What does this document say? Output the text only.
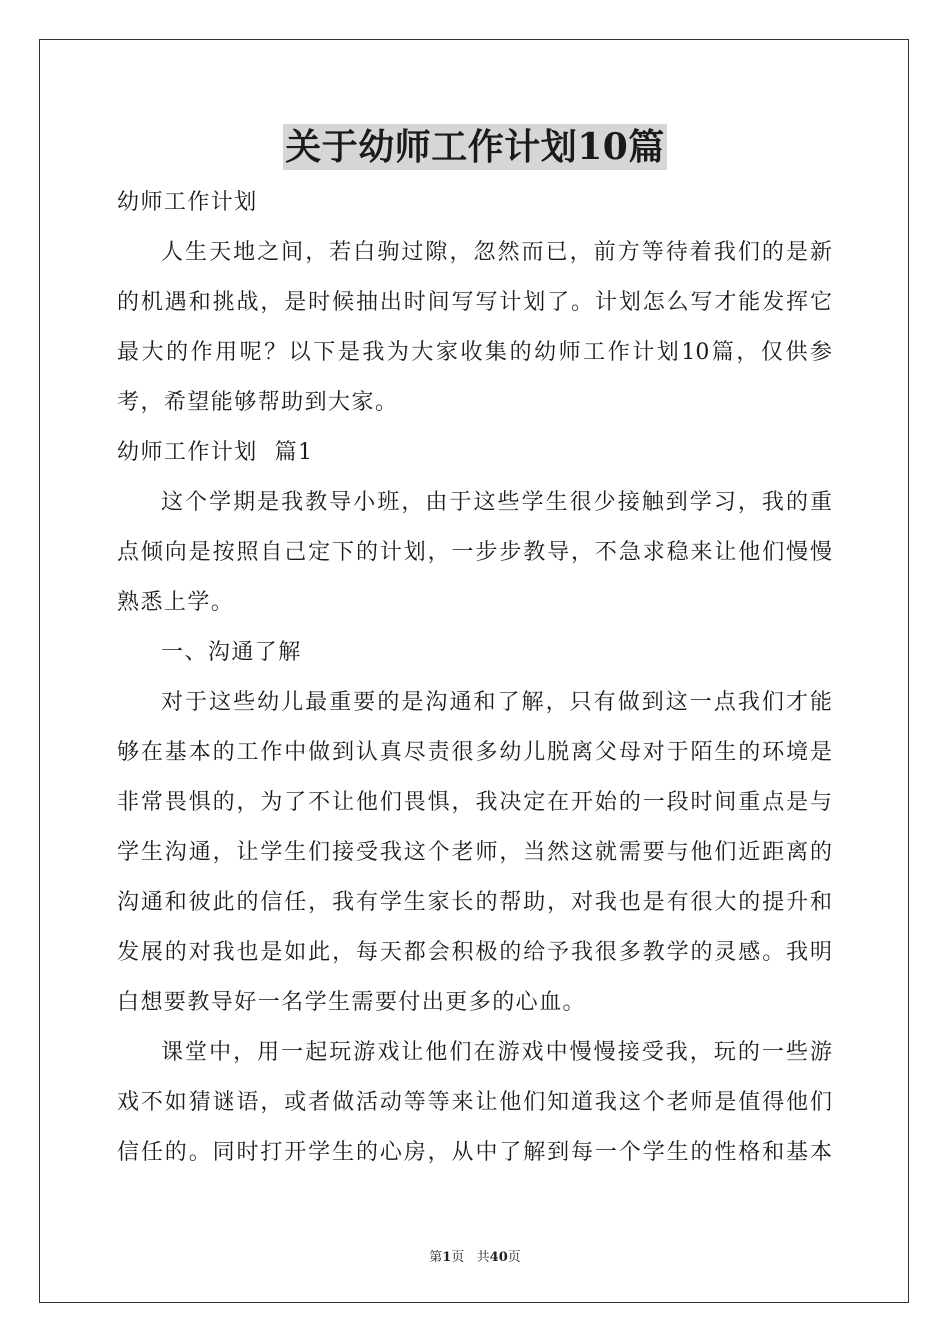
关于幼师工作计划10篇

幼师工作计划

人生天地之间，若白驹过隙，忽然而已，前方等待着我们的是新

的机遇和挑战，是时候抽出时间写写计划了。计划怎么写才能发挥它

最大的作用呢？以下是我为大家收集的幼师工作计划10篇，仅供参

考，希望能够帮助到大家。

幼师工作计划  篇1

这个学期是我教导小班，由于这些学生很少接触到学习，我的重

点倾向是按照自己定下的计划，一步步教导，不急求稳来让他们慢慢

熟悉上学。

一、沟通了解

对于这些幼儿最重要的是沟通和了解，只有做到这一点我们才能

够在基本的工作中做到认真尽责很多幼儿脱离父母对于陌生的环境是

非常畏惧的，为了不让他们畏惧，我决定在开始的一段时间重点是与

学生沟通，让学生们接受我这个老师，当然这就需要与他们近距离的

沟通和彼此的信任，我有学生家长的帮助，对我也是有很大的提升和

发展的对我也是如此，每天都会积极的给予我很多教学的灵感。我明

白想要教导好一名学生需要付出更多的心血。

课堂中，用一起玩游戏让他们在游戏中慢慢接受我，玩的一些游

戏不如猜谜语，或者做活动等等来让他们知道我这个老师是值得他们

信任的。同时打开学生的心房，从中了解到每一个学生的性格和基本

第1页   共40页
